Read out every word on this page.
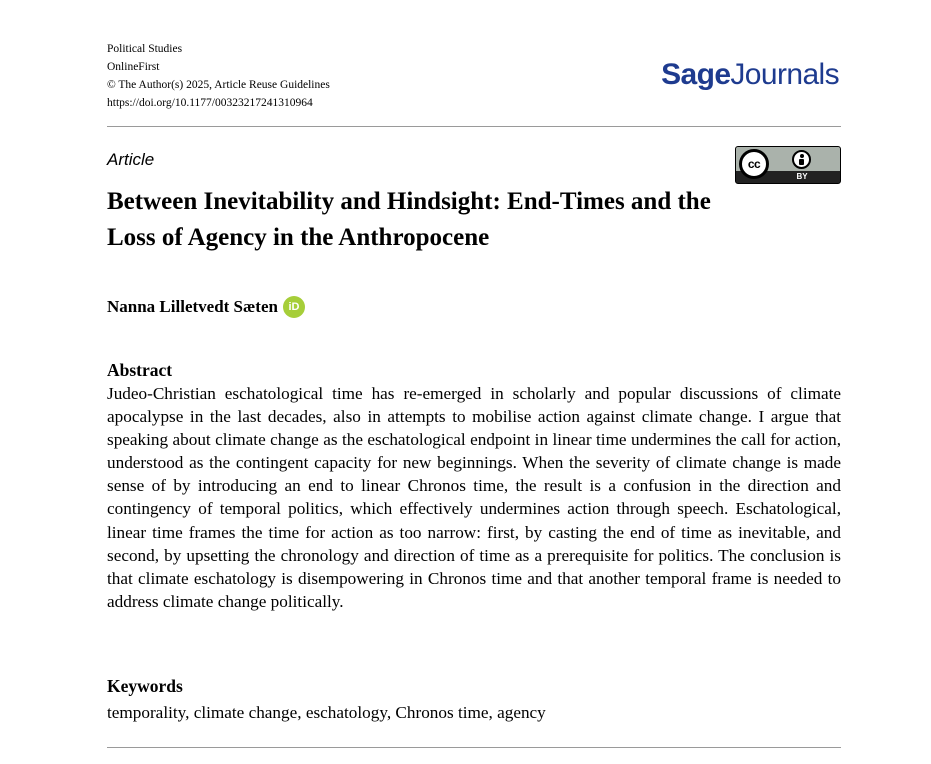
Political Studies
OnlineFirst
© The Author(s) 2025, Article Reuse Guidelines
https://doi.org/10.1177/00323217241310964
SageJournals
Article	cc
BY
Between Inevitability and Hindsight: End-Times and the Loss of Agency in the Anthropocene
Nanna Lilletvedt Sæten iD
Abstract

Judeo-Christian eschatological time has re-emerged in scholarly and popular discussions of climate apocalypse in the last decades, also in attempts to mobilise action against climate change. I argue that speaking about climate change as the eschatological endpoint in linear time undermines the call for action, understood as the contingent capacity for new beginnings. When the severity of climate change is made sense of by introducing an end to linear Chronos time, the result is a confusion in the direction and contingency of temporal politics, which effectively undermines action through speech. Eschatological, linear time frames the time for action as too narrow: first, by casting the end of time as inevitable, and second, by upsetting the chronology and direction of time as a prerequisite for politics. The conclusion is that climate eschatology is disempowering in Chronos time and that another temporal frame is needed to address climate change politically.

Keywords
temporality, climate change, eschatology, Chronos time, agency
